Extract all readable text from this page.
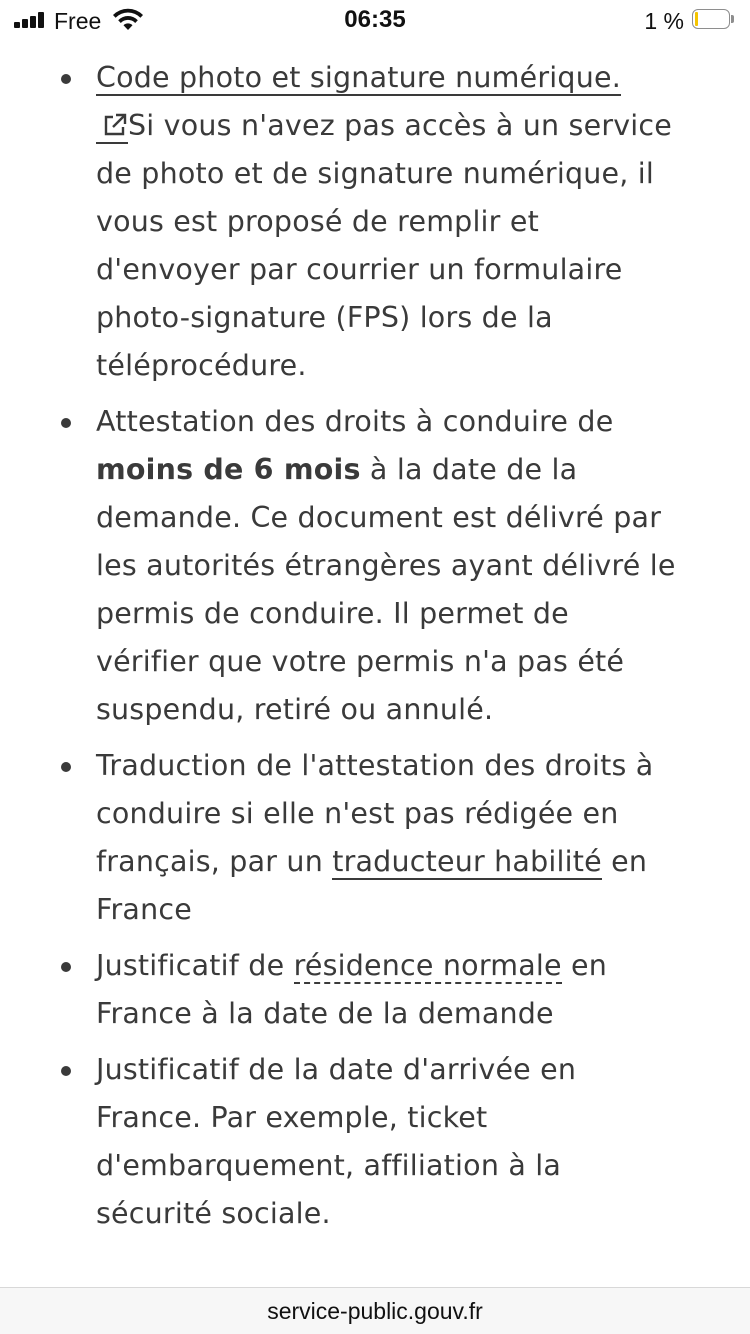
Free	06:35	1 %
Code photo et signature numérique.
Si vous n'avez pas accès à un service de photo et de signature numérique, il vous est proposé de remplir et d'envoyer par courrier un formulaire photo-signature (FPS) lors de la téléprocédure.
Attestation des droits à conduire de moins de 6 mois à la date de la demande. Ce document est délivré par les autorités étrangères ayant délivré le permis de conduire. Il permet de vérifier que votre permis n'a pas été suspendu, retiré ou annulé.
Traduction de l'attestation des droits à conduire si elle n'est pas rédigée en français, par un traducteur habilité en France
Justificatif de résidence normale en France à la date de la demande
Justificatif de la date d'arrivée en France. Par exemple, ticket d'embarquement, affiliation à la sécurité sociale.
service-public.gouv.fr
